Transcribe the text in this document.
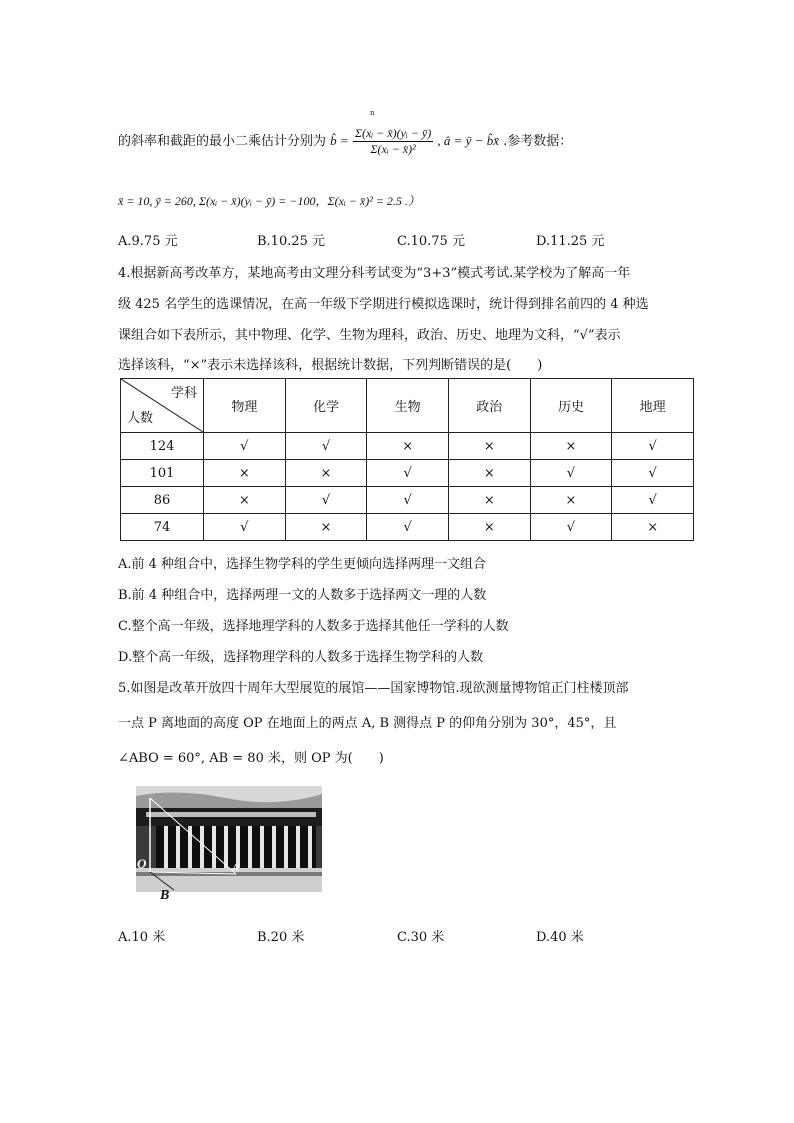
的斜率和截距的最小二乘估计分别为 b̂ = $\frac{\text{Σ(xᵢ − x̄)(yᵢ − ȳ)}}{\text{Σ(xᵢ − x̄)²}}$ , â = ȳ − b̂x̄ .参考数据：
n
x̄ = 10, ȳ = 260, Σ(xᵢ − x̄)(yᵢ − ȳ) = −100，Σ(xᵢ − x̄)² = 2.5 .）
A.9.75 元	B.10.25 元	C.10.75 元	D.11.25 元
4.根据新高考改革方，某地高考由文理分科考试变为“3+3”模式考试.某学校为了解高一年
级 425 名学生的选课情况，在高一年级下学期进行模拟选课时，统计得到排名前四的 4 种选
课组合如下表所示，其中物理、化学、生物为理科，政治、历史、地理为文科，“√”表示
选择该科，“×”表示未选择该科，根据统计数据，下列判断错误的是(　　)
学科
人数	物理	化学	生物	政治	历史	地理
124	√	√	×	×	×	√
101	×	×	√	×	√	√
86	×	√	√	×	×	√
74	√	×	√	×	√	×
A.前 4 种组合中，选择生物学科的学生更倾向选择两理一文组合
B.前 4 种组合中，选择两理一文的人数多于选择两文一理的人数
C.整个高一年级，选择地理学科的人数多于选择其他任一学科的人数
D.整个高一年级，选择物理学科的人数多于选择生物学科的人数
5.如图是改革开放四十周年大型展览的展馆——国家博物馆.现欲测量博物馆正门柱楼顶部
一点 P 离地面的高度 OP 在地面上的两点 A, B 测得点 P 的仰角分别为 30°，45°，且
∠ABO = 60°, AB = 80 米，则 OP 为(　　)
O	A
B
A.10 米	B.20 米	C.30 米	D.40 米
